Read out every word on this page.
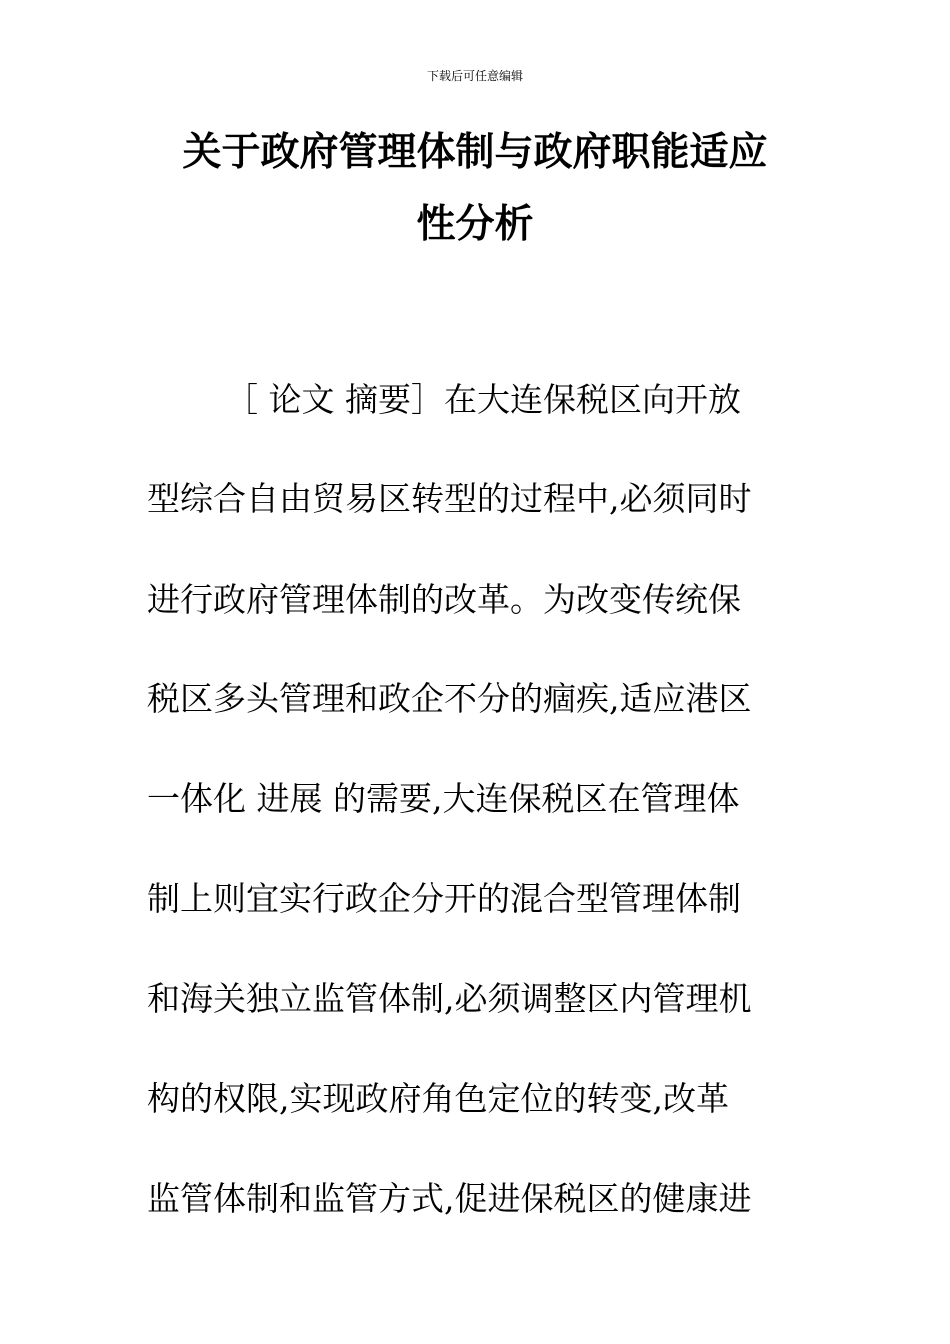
下载后可任意编辑
关于政府管理体制与政府职能适应
性分析
［ 论文 摘要］在大连保税区向开放
型综合自由贸易区转型的过程中,必须同时
进行政府管理体制的改革。为改变传统保
税区多头管理和政企不分的痼疾,适应港区
一体化 进展 的需要,大连保税区在管理体
制上则宜实行政企分开的混合型管理体制
和海关独立监管体制,必须调整区内管理机
构的权限,实现政府角色定位的转变,改革
监管体制和监管方式,促进保税区的健康进
